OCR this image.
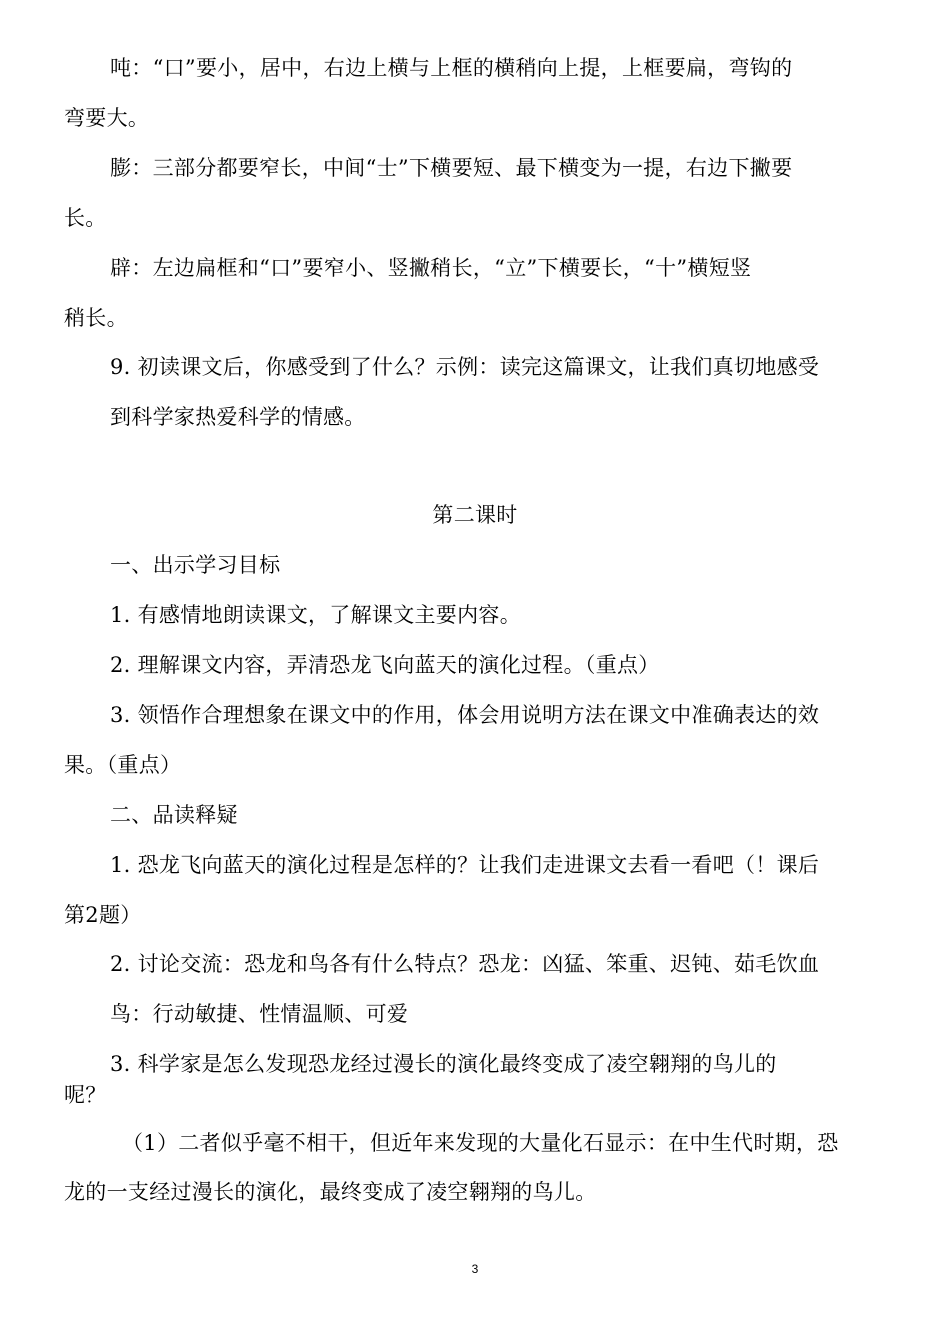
吨：“口”要小，居中，右边上横与上框的横稍向上提，上框要扁，弯钩的
弯要大。
膨：三部分都要窄长，中间“士”下横要短、最下横变为一提，右边下撇要
长。
辟：左边扁框和“口”要窄小、竖撇稍长，“立”下横要长，“十”横短竖
稍长。
9. 初读课文后，你感受到了什么？示例：读完这篇课文，让我们真切地感受
到科学家热爱科学的情感。
第二课时
一、出示学习目标
1. 有感情地朗读课文，了解课文主要内容。
2. 理解课文内容，弄清恐龙飞向蓝天的演化过程。（重点）
3. 领悟作合理想象在课文中的作用，体会用说明方法在课文中准确表达的效
果。（重点）
二、品读释疑
1. 恐龙飞向蓝天的演化过程是怎样的？让我们走进课文去看一看吧（！课后
第2题）
2. 讨论交流：恐龙和鸟各有什么特点？恐龙：凶猛、笨重、迟钝、茹毛饮血
鸟：行动敏捷、性情温顺、可爱
3. 科学家是怎么发现恐龙经过漫长的演化最终变成了凌空翱翔的鸟儿的
呢？
（1）二者似乎毫不相干，但近年来发现的大量化石显示：在中生代时期，恐
龙的一支经过漫长的演化，最终变成了凌空翱翔的鸟儿。
3
